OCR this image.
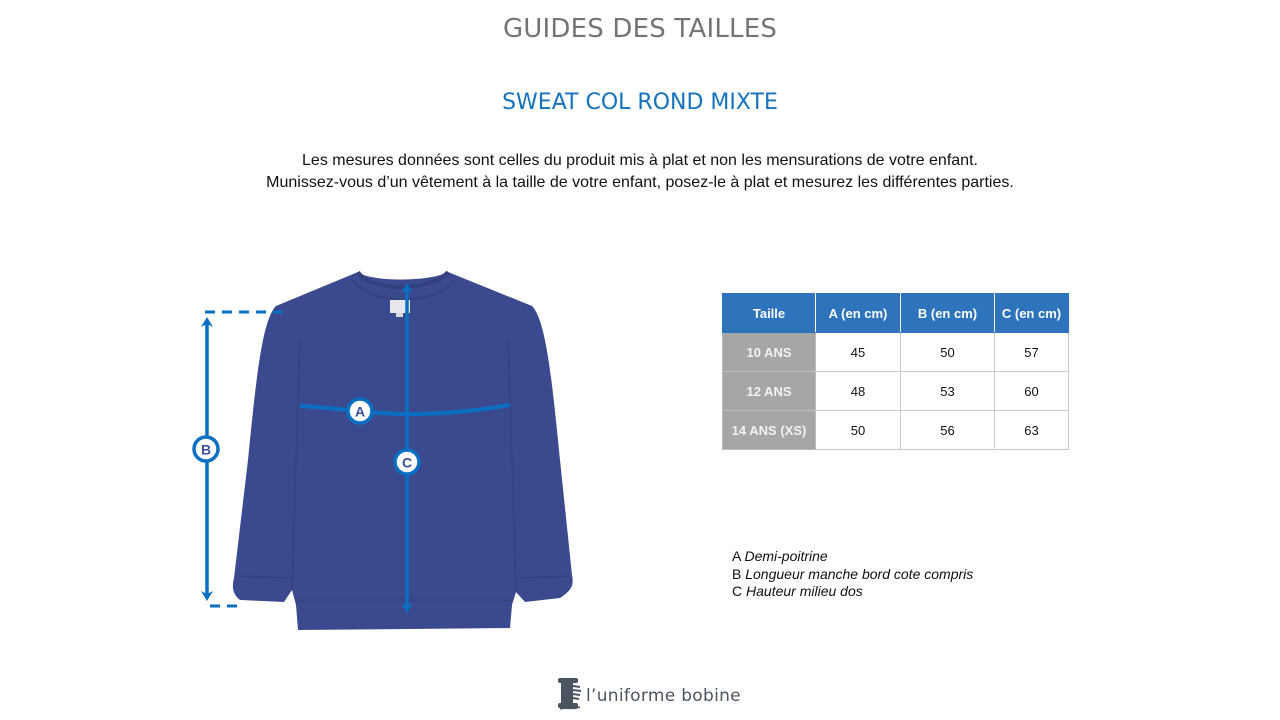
GUIDES DES TAILLES
SWEAT COL ROND MIXTE

Les mesures données sont celles du produit mis à plat et non les mensurations de votre enfant.

Munissez-vous d’un vêtement à la taille de votre enfant, posez-le à plat et mesurez les différentes parties.

A
B
C
Taille	A (en cm)	B (en cm)	C (en cm)
10 ANS	45	50	57
12 ANS	48	53	60
14 ANS (XS)	50	56	63
A Demi-poitrine
B Longueur manche bord cote compris
C Hauteur milieu dos
l’uniforme bobine
